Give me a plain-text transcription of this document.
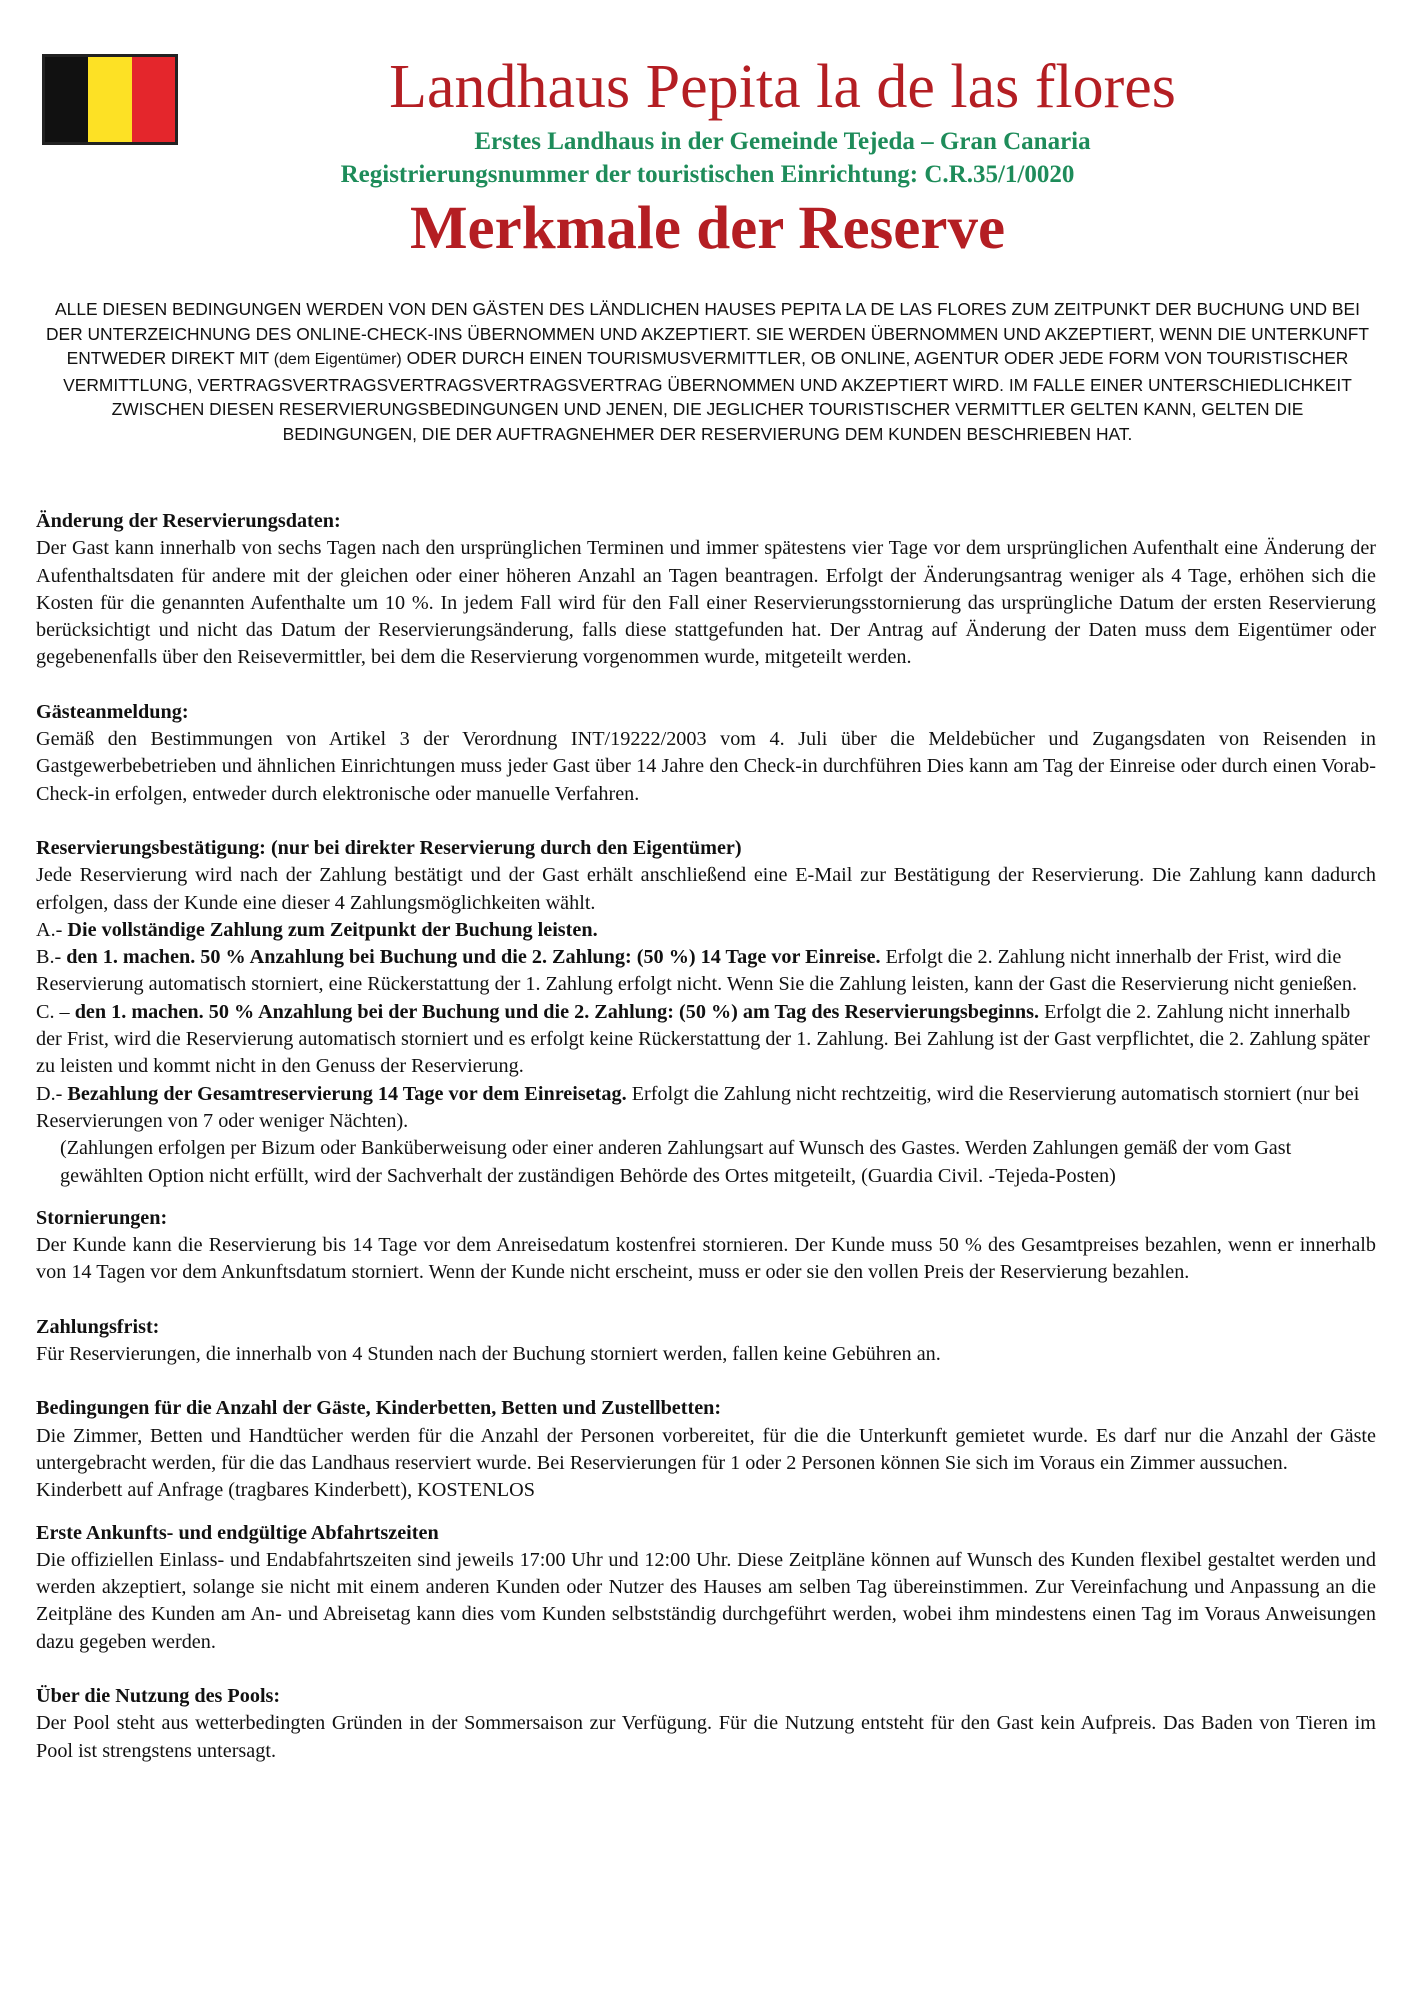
Landhaus Pepita la de las flores
Erstes Landhaus in der Gemeinde Tejeda – Gran Canaria
Registrierungsnummer der touristischen Einrichtung: C.R.35/1/0020
Merkmale der Reserve

ALLE DIESEN BEDINGUNGEN WERDEN VON DEN GÄSTEN DES LÄNDLICHEN HAUSES PEPITA LA DE LAS FLORES ZUM ZEITPUNKT DER BUCHUNG UND BEI DER UNTERZEICHNUNG DES ONLINE-CHECK-INS ÜBERNOMMEN UND AKZEPTIERT. SIE WERDEN ÜBERNOMMEN UND AKZEPTIERT, WENN DIE UNTERKUNFT ENTWEDER DIREKT MIT (dem Eigentümer) ODER DURCH EINEN TOURISMUSVERMITTLER, OB ONLINE, AGENTUR ODER JEDE FORM VON TOURISTISCHER VERMITTLUNG, VERTRAGSVERTRAGSVERTRAGSVERTRAGSVERTRAG ÜBERNOMMEN UND AKZEPTIERT WIRD. IM FALLE EINER UNTERSCHIEDLICHKEIT ZWISCHEN DIESEN RESERVIERUNGSBEDINGUNGEN UND JENEN, DIE JEGLICHER TOURISTISCHER VERMITTLER GELTEN KANN, GELTEN DIE BEDINGUNGEN, DIE DER AUFTRAGNEHMER DER RESERVIERUNG DEM KUNDEN BESCHRIEBEN HAT.

Änderung der Reservierungsdaten:

Der Gast kann innerhalb von sechs Tagen nach den ursprünglichen Terminen und immer spätestens vier Tage vor dem ursprünglichen Aufenthalt eine Änderung der Aufenthaltsdaten für andere mit der gleichen oder einer höheren Anzahl an Tagen beantragen. Erfolgt der Änderungsantrag weniger als 4 Tage, erhöhen sich die Kosten für die genannten Aufenthalte um 10 %. In jedem Fall wird für den Fall einer Reservierungsstornierung das ursprüngliche Datum der ersten Reservierung berücksichtigt und nicht das Datum der Reservierungsänderung, falls diese stattgefunden hat. Der Antrag auf Änderung der Daten muss dem Eigentümer oder gegebenenfalls über den Reisevermittler, bei dem die Reservierung vorgenommen wurde, mitgeteilt werden.

Gästeanmeldung:

Gemäß den Bestimmungen von Artikel 3 der Verordnung INT/19222/2003 vom 4. Juli über die Meldebücher und Zugangsdaten von Reisenden in Gastgewerbebetrieben und ähnlichen Einrichtungen muss jeder Gast über 14 Jahre den Check-in durchführen Dies kann am Tag der Einreise oder durch einen Vorab-Check-in erfolgen, entweder durch elektronische oder manuelle Verfahren.

Reservierungsbestätigung: (nur bei direkter Reservierung durch den Eigentümer)

Jede Reservierung wird nach der Zahlung bestätigt und der Gast erhält anschließend eine E-Mail zur Bestätigung der Reservierung. Die Zahlung kann dadurch erfolgen, dass der Kunde eine dieser 4 Zahlungsmöglichkeiten wählt.

A.- Die vollständige Zahlung zum Zeitpunkt der Buchung leisten.

B.- den 1. machen. 50 % Anzahlung bei Buchung und die 2. Zahlung: (50 %) 14 Tage vor Einreise. Erfolgt die 2. Zahlung nicht innerhalb der Frist, wird die Reservierung automatisch storniert, eine Rückerstattung der 1. Zahlung erfolgt nicht. Wenn Sie die Zahlung leisten, kann der Gast die Reservierung nicht genießen.

C. – den 1. machen. 50 % Anzahlung bei der Buchung und die 2. Zahlung: (50 %) am Tag des Reservierungsbeginns. Erfolgt die 2. Zahlung nicht innerhalb der Frist, wird die Reservierung automatisch storniert und es erfolgt keine Rückerstattung der 1. Zahlung. Bei Zahlung ist der Gast verpflichtet, die 2. Zahlung später zu leisten und kommt nicht in den Genuss der Reservierung.

D.- Bezahlung der Gesamtreservierung 14 Tage vor dem Einreisetag. Erfolgt die Zahlung nicht rechtzeitig, wird die Reservierung automatisch storniert (nur bei Reservierungen von 7 oder weniger Nächten).

(Zahlungen erfolgen per Bizum oder Banküberweisung oder einer anderen Zahlungsart auf Wunsch des Gastes. Werden Zahlungen gemäß der vom Gast gewählten Option nicht erfüllt, wird der Sachverhalt der zuständigen Behörde des Ortes mitgeteilt, (Guardia Civil. -Tejeda-Posten)

Stornierungen:

Der Kunde kann die Reservierung bis 14 Tage vor dem Anreisedatum kostenfrei stornieren. Der Kunde muss 50 % des Gesamtpreises bezahlen, wenn er innerhalb von 14 Tagen vor dem Ankunftsdatum storniert. Wenn der Kunde nicht erscheint, muss er oder sie den vollen Preis der Reservierung bezahlen.

Zahlungsfrist:

Für Reservierungen, die innerhalb von 4 Stunden nach der Buchung storniert werden, fallen keine Gebühren an.

Bedingungen für die Anzahl der Gäste, Kinderbetten, Betten und Zustellbetten:

Die Zimmer, Betten und Handtücher werden für die Anzahl der Personen vorbereitet, für die die Unterkunft gemietet wurde. Es darf nur die Anzahl der Gäste untergebracht werden, für die das Landhaus reserviert wurde. Bei Reservierungen für 1 oder 2 Personen können Sie sich im Voraus ein Zimmer aussuchen.

Kinderbett auf Anfrage (tragbares Kinderbett), KOSTENLOS

Erste Ankunfts- und endgültige Abfahrtszeiten

Die offiziellen Einlass- und Endabfahrtszeiten sind jeweils 17:00 Uhr und 12:00 Uhr. Diese Zeitpläne können auf Wunsch des Kunden flexibel gestaltet werden und werden akzeptiert, solange sie nicht mit einem anderen Kunden oder Nutzer des Hauses am selben Tag übereinstimmen. Zur Vereinfachung und Anpassung an die Zeitpläne des Kunden am An- und Abreisetag kann dies vom Kunden selbstständig durchgeführt werden, wobei ihm mindestens einen Tag im Voraus Anweisungen dazu gegeben werden.

Über die Nutzung des Pools:

Der Pool steht aus wetterbedingten Gründen in der Sommersaison zur Verfügung. Für die Nutzung entsteht für den Gast kein Aufpreis. Das Baden von Tieren im Pool ist strengstens untersagt.
